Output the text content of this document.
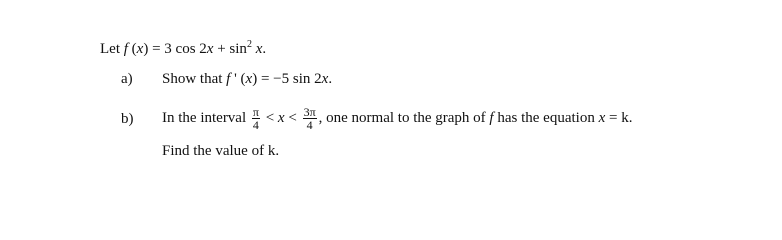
Let f (x) = 3 $\cos 2x + \sin^2 x$.
a) Show that f ' (x) = −5 sin 2x.
b) In the interval $\frac{\pi}{4} < x < \frac{3\pi}{4}$ , one normal to the graph of f has the equation x = k.
Find the value of k.
